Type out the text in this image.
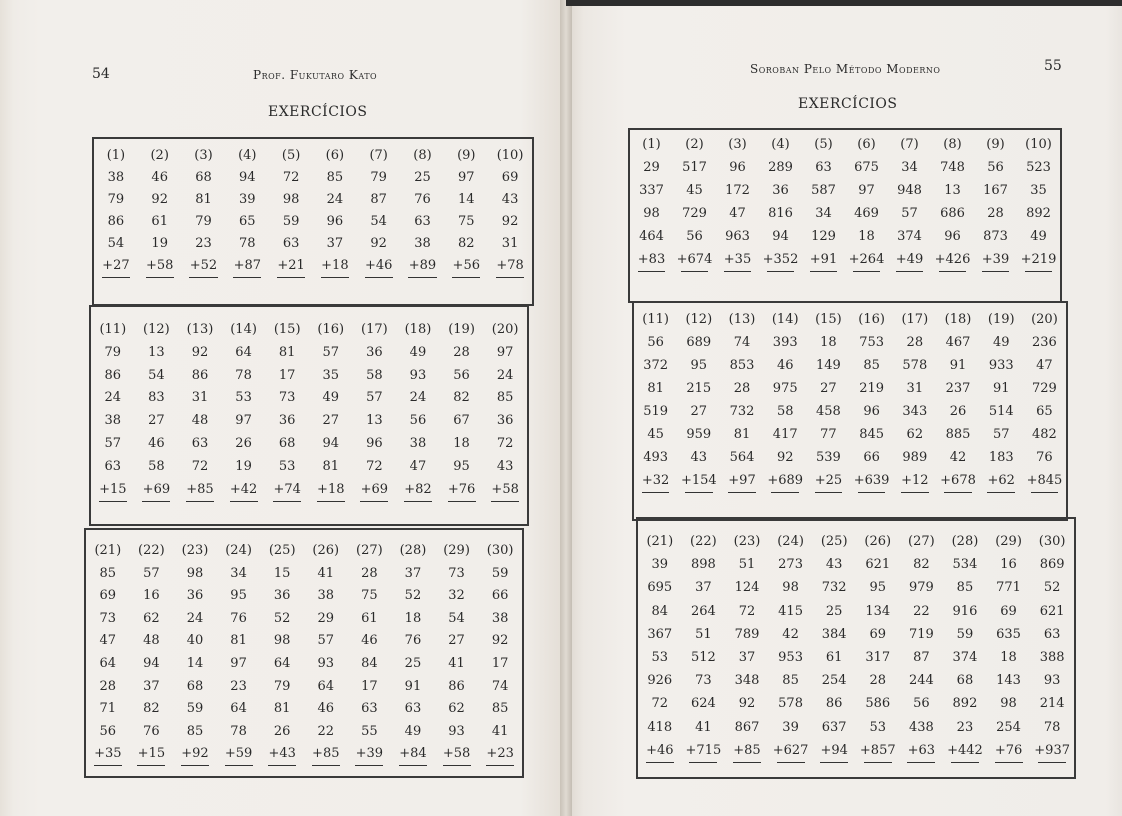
54	Prof. Fukutaro Kato
EXERCÍCIOS
(1)	(2)	(3)	(4)	(5)	(6)	(7)	(8)	(9)	(10)
38	46	68	94	72	85	79	25	97	69
79	92	81	39	98	24	87	76	14	43
86	61	79	65	59	96	54	63	75	92
54	19	23	78	63	37	92	38	82	31
+27	+58	+52	+87	+21	+18	+46	+89	+56	+78
(11)	(12)	(13)	(14)	(15)	(16)	(17)	(18)	(19)	(20)
79	13	92	64	81	57	36	49	28	97
86	54	86	78	17	35	58	93	56	24
24	83	31	53	73	49	57	24	82	85
38	27	48	97	36	27	13	56	67	36
57	46	63	26	68	94	96	38	18	72
63	58	72	19	53	81	72	47	95	43
+15	+69	+85	+42	+74	+18	+69	+82	+76	+58
(21)	(22)	(23)	(24)	(25)	(26)	(27)	(28)	(29)	(30)
85	57	98	34	15	41	28	37	73	59
69	16	36	95	36	38	75	52	32	66
73	62	24	76	52	29	61	18	54	38
47	48	40	81	98	57	46	76	27	92
64	94	14	97	64	93	84	25	41	17
28	37	68	23	79	64	17	91	86	74
71	82	59	64	81	46	63	63	62	85
56	76	85	78	26	22	55	49	93	41
+35	+15	+92	+59	+43	+85	+39	+84	+58	+23
Soroban Pelo Método Moderno	55
EXERCÍCIOS
(1)	(2)	(3)	(4)	(5)	(6)	(7)	(8)	(9)	(10)
29	517	96	289	63	675	34	748	56	523
337	45	172	36	587	97	948	13	167	35
98	729	47	816	34	469	57	686	28	892
464	56	963	94	129	18	374	96	873	49
+83 +674 +35 +352 +91 +264 +49 +426 +39 +219
(11)	(12)	(13)	(14)	(15)	(16)	(17)	(18)	(19)	(20)
56	689	74	393	18	753	28	467	49	236
372	95	853	46	149	85	578	91	933	47
81	215	28	975	27	219	31	237	91	729
519	27	732	58	458	96	343	26	514	65
45	959	81	417	77	845	62	885	57	482
493	43	564	92	539	66	989	42	183	76
+32 +154 +97 +689 +25 +639 +12 +678 +62 +845
(21)	(22)	(23)	(24)	(25)	(26)	(27)	(28)	(29)	(30)
39	898	51	273	43	621	82	534	16	869
695	37	124	98	732	95	979	85	771	52
84	264	72	415	25	134	22	916	69	621
367	51	789	42	384	69	719	59	635	63
53	512	37	953	61	317	87	374	18	388
926	73	348	85	254	28	244	68	143	93
72	624	92	578	86	586	56	892	98	214
418	41	867	39	637	53	438	23	254	78
+46 +715 +85 +627 +94 +857 +63 +442 +76 +937
